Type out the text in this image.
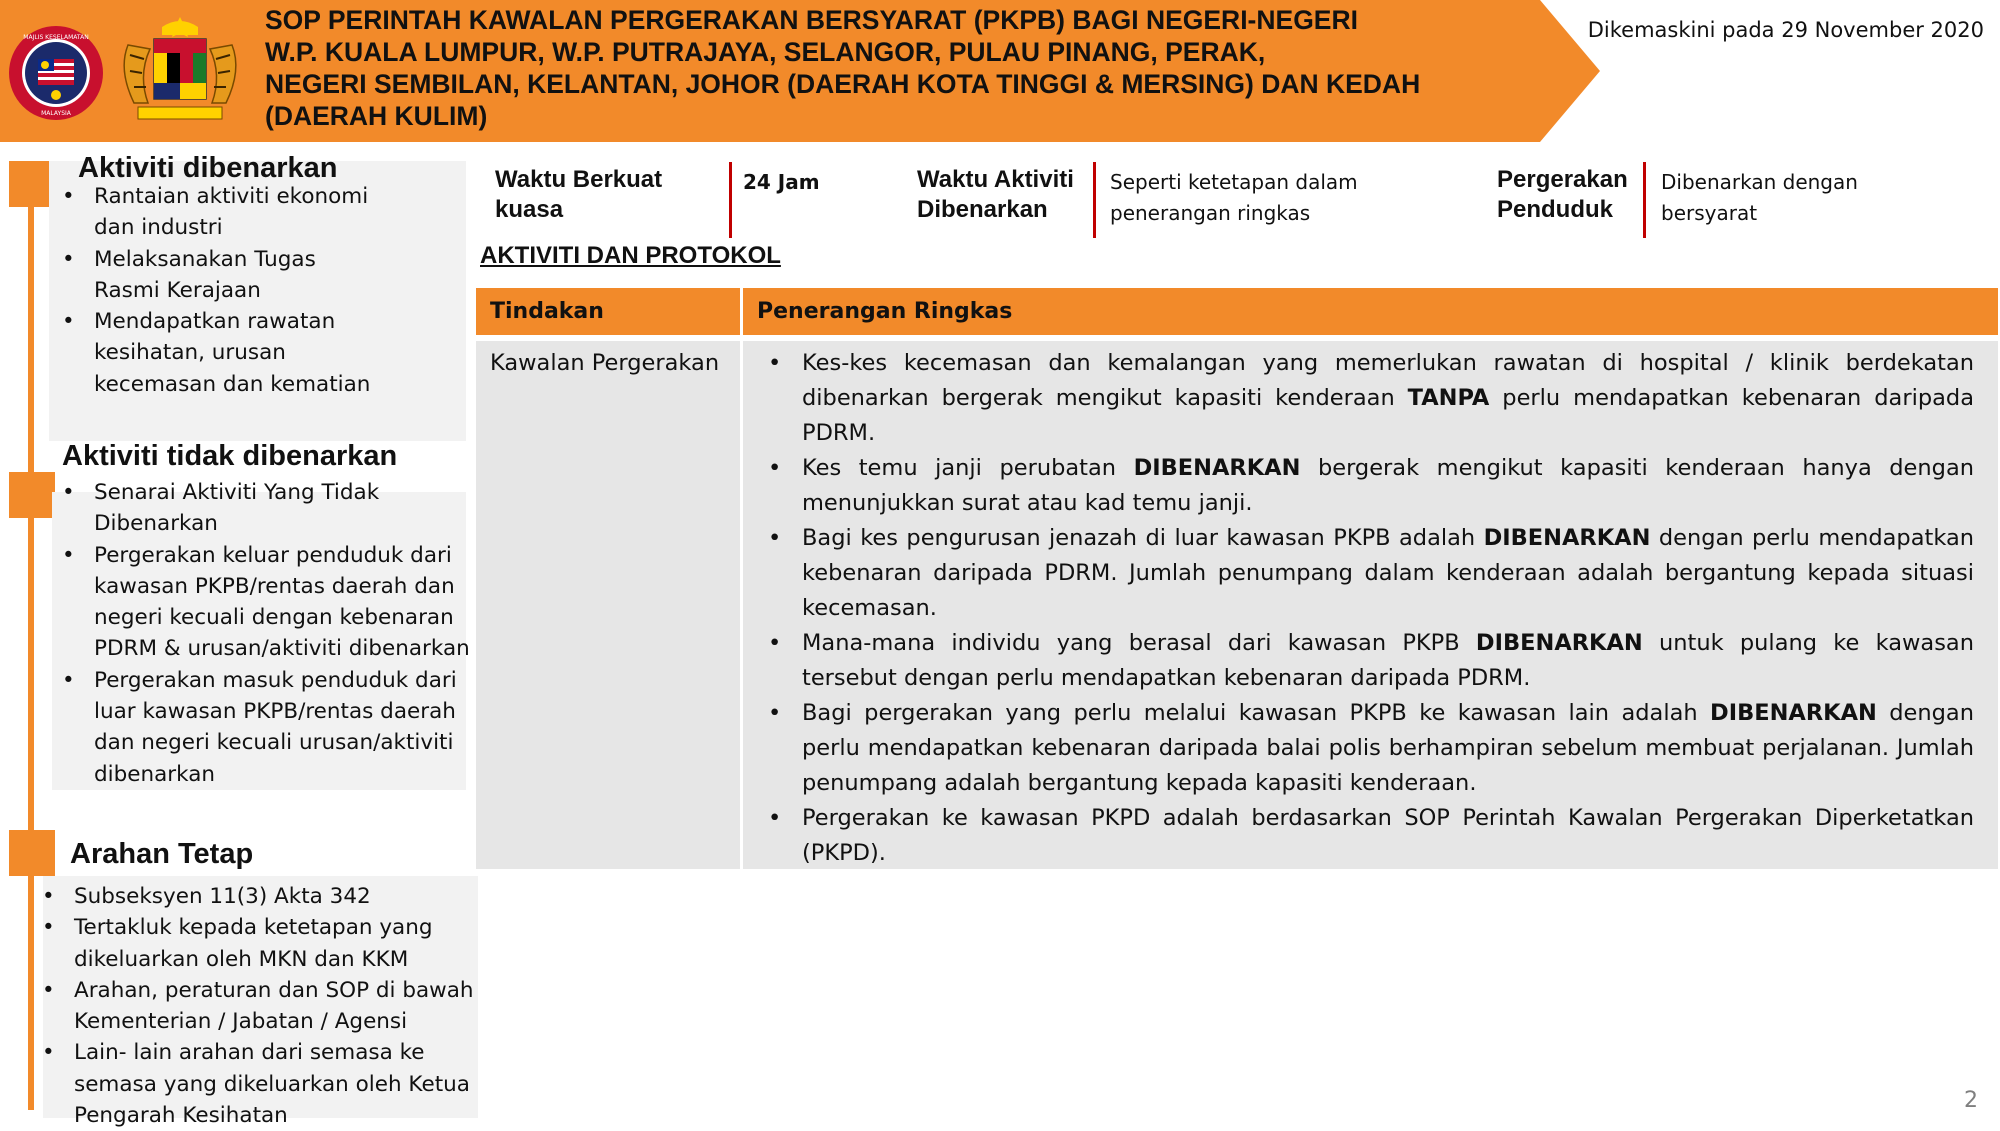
MAJLIS KESELAMATAN
MALAYSIA
SOP PERINTAH KAWALAN PERGERAKAN BERSYARAT (PKPB) BAGI NEGERI-NEGERI
W.P. KUALA LUMPUR, W.P. PUTRAJAYA, SELANGOR, PULAU PINANG, PERAK,
NEGERI SEMBILAN, KELANTAN, JOHOR (DAERAH KOTA TINGGI & MERSING) DAN KEDAH
(DAERAH KULIM)
Dikemaskini pada 29 November 2020
Aktiviti dibenarkan
• Rantaian aktiviti ekonomi dan industri
• Melaksanakan Tugas Rasmi Kerajaan
• Mendapatkan rawatan kesihatan, urusan kecemasan dan kematian
Aktiviti tidak dibenarkan
• Senarai Aktiviti Yang Tidak Dibenarkan
• Pergerakan keluar penduduk dari kawasan PKPB/rentas daerah dan negeri kecuali dengan kebenaran PDRM & urusan/aktiviti dibenarkan
• Pergerakan masuk penduduk dari luar kawasan PKPB/rentas daerah dan negeri kecuali urusan/aktiviti dibenarkan
Arahan Tetap
• Subseksyen 11(3) Akta 342
• Tertakluk kepada ketetapan yang dikeluarkan oleh MKN dan KKM
• Arahan, peraturan dan SOP di bawah Kementerian / Jabatan / Agensi
• Lain- lain arahan dari semasa ke semasa yang dikeluarkan oleh Ketua Pengarah Kesihatan
Waktu Berkuat kuasa
24 Jam	Waktu Aktiviti Dibenarkan
Seperti ketetapan dalam penerangan ringkas
Pergerakan Penduduk
Dibenarkan dengan bersyarat
AKTIVITI DAN PROTOKOL
Tindakan	Penerangan Ringkas
Kawalan Pergerakan
•	Kes-kes kecemasan dan kemalangan yang memerlukan rawatan di hospital / klinik berdekatan dibenarkan bergerak mengikut kapasiti kenderaan TANPA perlu mendapatkan kebenaran daripada PDRM.
• Kes temu janji perubatan DIBENARKAN bergerak mengikut kapasiti kenderaan hanya dengan menunjukkan surat atau kad temu janji.
• Bagi kes pengurusan jenazah di luar kawasan PKPB adalah DIBENARKAN dengan perlu mendapatkan kebenaran daripada PDRM. Jumlah penumpang dalam kenderaan adalah bergantung kepada situasi kecemasan.
• Mana-mana individu yang berasal dari kawasan PKPB DIBENARKAN untuk pulang ke kawasan tersebut dengan perlu mendapatkan kebenaran daripada PDRM.
• Bagi pergerakan yang perlu melalui kawasan PKPB ke kawasan lain adalah DIBENARKAN dengan perlu mendapatkan kebenaran daripada balai polis berhampiran sebelum membuat perjalanan. Jumlah penumpang adalah bergantung kepada kapasiti kenderaan.
• Pergerakan ke kawasan PKPD adalah berdasarkan SOP Perintah Kawalan Pergerakan Diperketatkan (PKPD).
2
